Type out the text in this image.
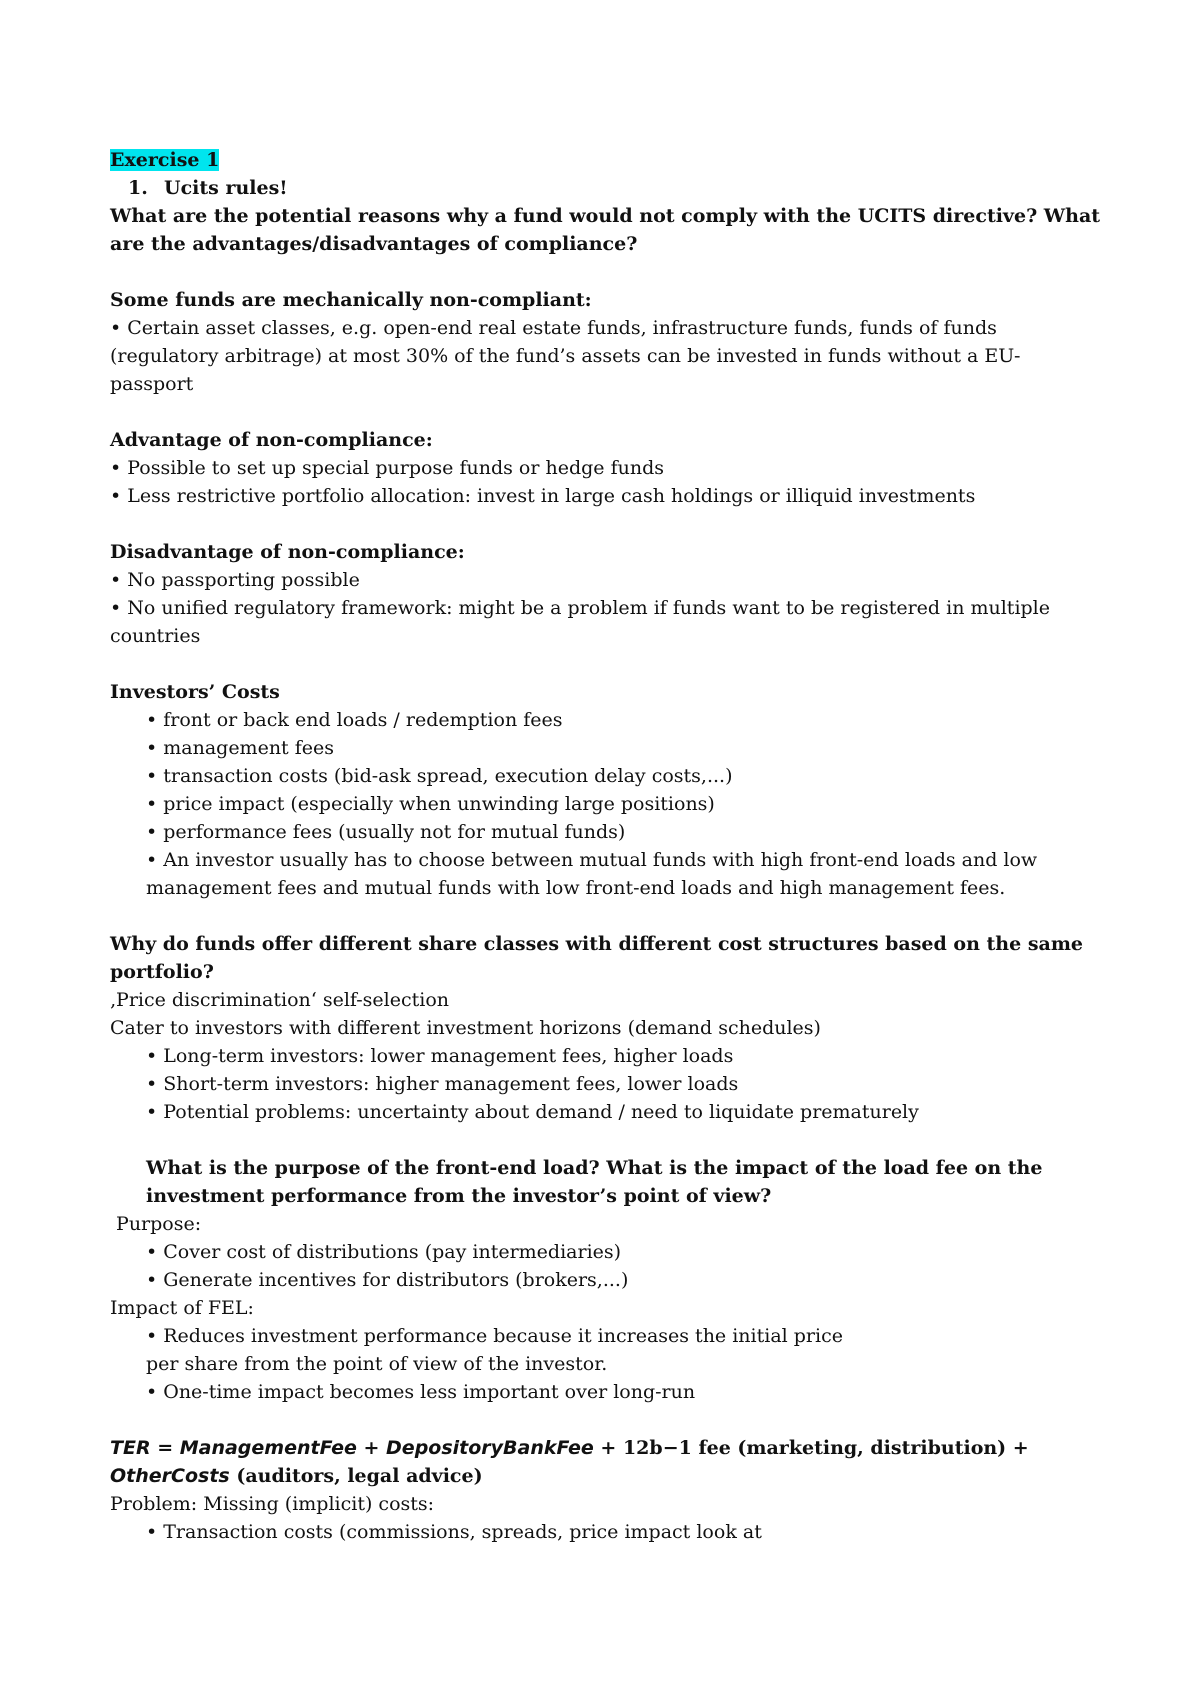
Exercise 1
1. Ucits rules!
What are the potential reasons why a fund would not comply with the UCITS directive? What
are the advantages/disadvantages of compliance?
Some funds are mechanically non-compliant:
• Certain asset classes, e.g. open-end real estate funds, infrastructure funds, funds of funds
(regulatory arbitrage) at most 30% of the fund’s assets can be invested in funds without a EU-
passport
Advantage of non-compliance:
• Possible to set up special purpose funds or hedge funds
• Less restrictive portfolio allocation: invest in large cash holdings or illiquid investments
Disadvantage of non-compliance:
• No passporting possible
• No unified regulatory framework: might be a problem if funds want to be registered in multiple
countries
Investors’ Costs
• front or back end loads / redemption fees
• management fees
• transaction costs (bid-ask spread, execution delay costs,...)
• price impact (especially when unwinding large positions)
• performance fees (usually not for mutual funds)
• An investor usually has to choose between mutual funds with high front-end loads and low
management fees and mutual funds with low front-end loads and high management fees.
Why do funds offer different share classes with different cost structures based on the same
portfolio?
‚Price discrimination‘ self-selection
Cater to investors with different investment horizons (demand schedules)
• Long-term investors: lower management fees, higher loads
• Short-term investors: higher management fees, lower loads
• Potential problems: uncertainty about demand / need to liquidate prematurely
What is the purpose of the front-end load? What is the impact of the load fee on the
investment performance from the investor’s point of view?
Purpose:
• Cover cost of distributions (pay intermediaries)
• Generate incentives for distributors (brokers,...)
Impact of FEL:
• Reduces investment performance because it increases the initial price
per share from the point of view of the investor.
• One-time impact becomes less important over long-run
TER = ManagementFee + DepositoryBankFee + 12b−1 fee (marketing, distribution) +
OtherCosts (auditors, legal advice)
Problem: Missing (implicit) costs:
• Transaction costs (commissions, spreads, price impact look at
